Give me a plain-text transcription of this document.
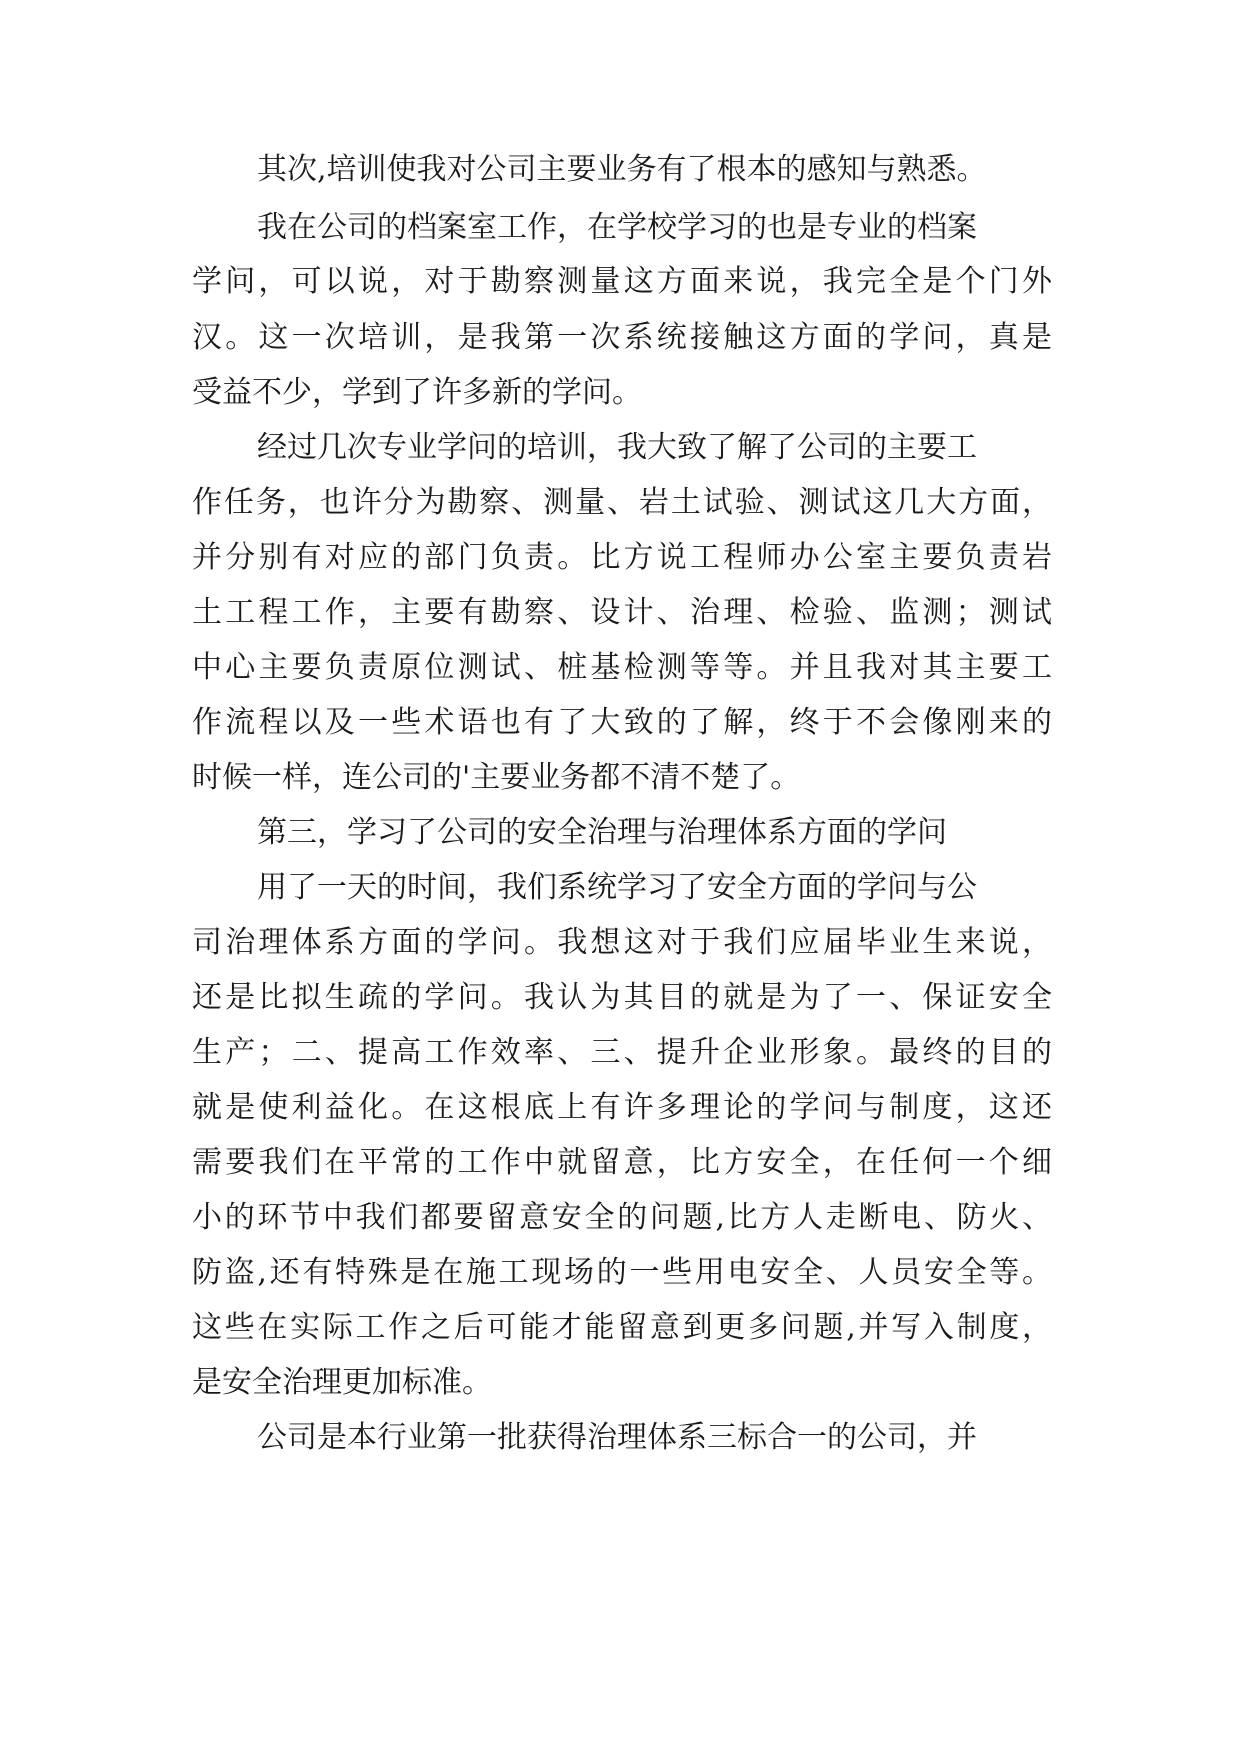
其次,培训使我对公司主要业务有了根本的感知与熟悉。
我在公司的档案室工作，在学校学习的也是专业的档案
学问，可以说，对于勘察测量这方面来说，我完全是个门外
汉。这一次培训，是我第一次系统接触这方面的学问，真是
受益不少，学到了许多新的学问。
经过几次专业学问的培训，我大致了解了公司的主要工
作任务，也许分为勘察、测量、岩土试验、测试这几大方面，
并分别有对应的部门负责。比方说工程师办公室主要负责岩
土工程工作，主要有勘察、设计、治理、检验、监测；测试
中心主要负责原位测试、桩基检测等等。并且我对其主要工
作流程以及一些术语也有了大致的了解，终于不会像刚来的
时候一样，连公司的'主要业务都不清不楚了。
第三，学习了公司的安全治理与治理体系方面的学问
用了一天的时间，我们系统学习了安全方面的学问与公
司治理体系方面的学问。我想这对于我们应届毕业生来说，
还是比拟生疏的学问。我认为其目的就是为了一、保证安全
生产；二、提高工作效率、三、提升企业形象。最终的目的
就是使利益化。在这根底上有许多理论的学问与制度，这还
需要我们在平常的工作中就留意，比方安全，在任何一个细
小的环节中我们都要留意安全的问题,比方人走断电、防火、
防盗,还有特殊是在施工现场的一些用电安全、人员安全等。
这些在实际工作之后可能才能留意到更多问题,并写入制度，
是安全治理更加标准。
公司是本行业第一批获得治理体系三标合一的公司，并
